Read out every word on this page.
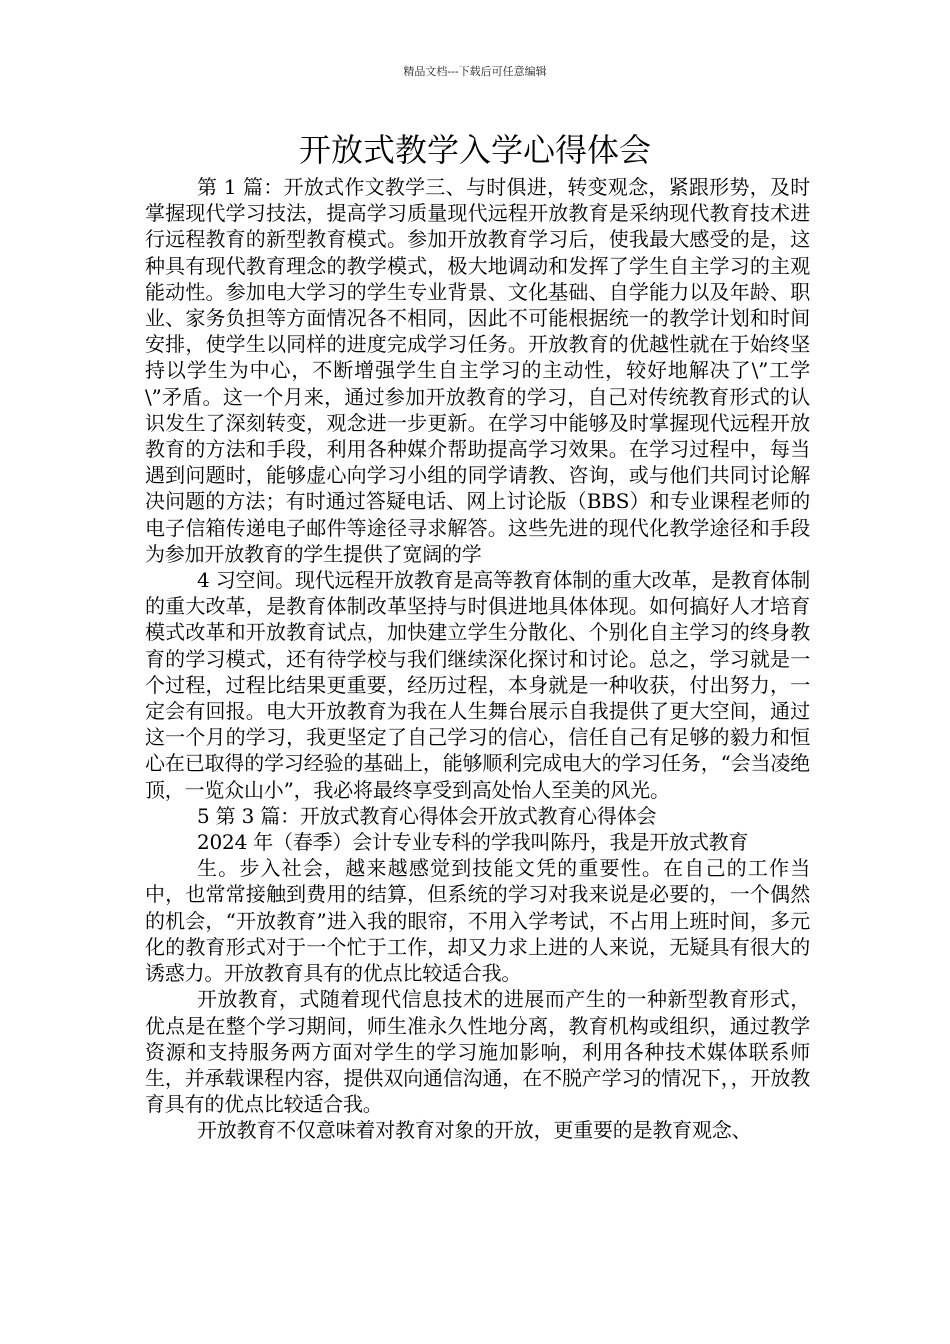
精品文档---下载后可任意编辑
开放式教学入学心得体会

第 1 篇：开放式作文教学三、与时俱进，转变观念，紧跟形势，及时掌握现代学习技法，提高学习质量现代远程开放教育是采纳现代教育技术进行远程教育的新型教育模式。参加开放教育学习后，使我最大感受的是，这种具有现代教育理念的教学模式，极大地调动和发挥了学生自主学习的主观能动性。参加电大学习的学生专业背景、文化基础、自学能力以及年龄、职业、家务负担等方面情况各不相同，因此不可能根据统一的教学计划和时间安排，使学生以同样的进度完成学习任务。开放教育的优越性就在于始终坚持以学生为中心，不断增强学生自主学习的主动性，较好地解决了\”工学\”矛盾。这一个月来，通过参加开放教育的学习，自己对传统教育形式的认识发生了深刻转变，观念进一步更新。在学习中能够及时掌握现代远程开放教育的方法和手段，利用各种媒介帮助提高学习效果。在学习过程中，每当遇到问题时，能够虚心向学习小组的同学请教、咨询，或与他们共同讨论解决问题的方法；有时通过答疑电话、网上讨论版（BBS）和专业课程老师的电子信箱传递电子邮件等途径寻求解答。这些先进的现代化教学途径和手段为参加开放教育的学生提供了宽阔的学

4 习空间。现代远程开放教育是高等教育体制的重大改革，是教育体制的重大改革，是教育体制改革坚持与时俱进地具体体现。如何搞好人才培育模式改革和开放教育试点，加快建立学生分散化、个别化自主学习的终身教育的学习模式，还有待学校与我们继续深化探讨和讨论。总之，学习就是一个过程，过程比结果更重要，经历过程，本身就是一种收获，付出努力，一定会有回报。电大开放教育为我在人生舞台展示自我提供了更大空间，通过这一个月的学习，我更坚定了自己学习的信心，信任自己有足够的毅力和恒心在已取得的学习经验的基础上，能够顺利完成电大的学习任务，“会当凌绝顶，一览众山小”，我必将最终享受到高处怡人至美的风光。

5 第 3 篇：开放式教育心得体会开放式教育心得体会

2024 年（春季）会计专业专科的学我叫陈丹，我是开放式教育

生。步入社会，越来越感觉到技能文凭的重要性。在自己的工作当中，也常常接触到费用的结算，但系统的学习对我来说是必要的，一个偶然的机会，“开放教育”进入我的眼帘，不用入学考试，不占用上班时间，多元化的教育形式对于一个忙于工作，却又力求上进的人来说，无疑具有很大的诱惑力。开放教育具有的优点比较适合我。

开放教育，式随着现代信息技术的进展而产生的一种新型教育形式，优点是在整个学习期间，师生准永久性地分离，教育机构或组织，通过教学资源和支持服务两方面对学生的学习施加影响，利用各种技术媒体联系师生，并承载课程内容，提供双向通信沟通，在不脱产学习的情况下，，开放教育具有的优点比较适合我。

开放教育不仅意味着对教育对象的开放，更重要的是教育观念、
